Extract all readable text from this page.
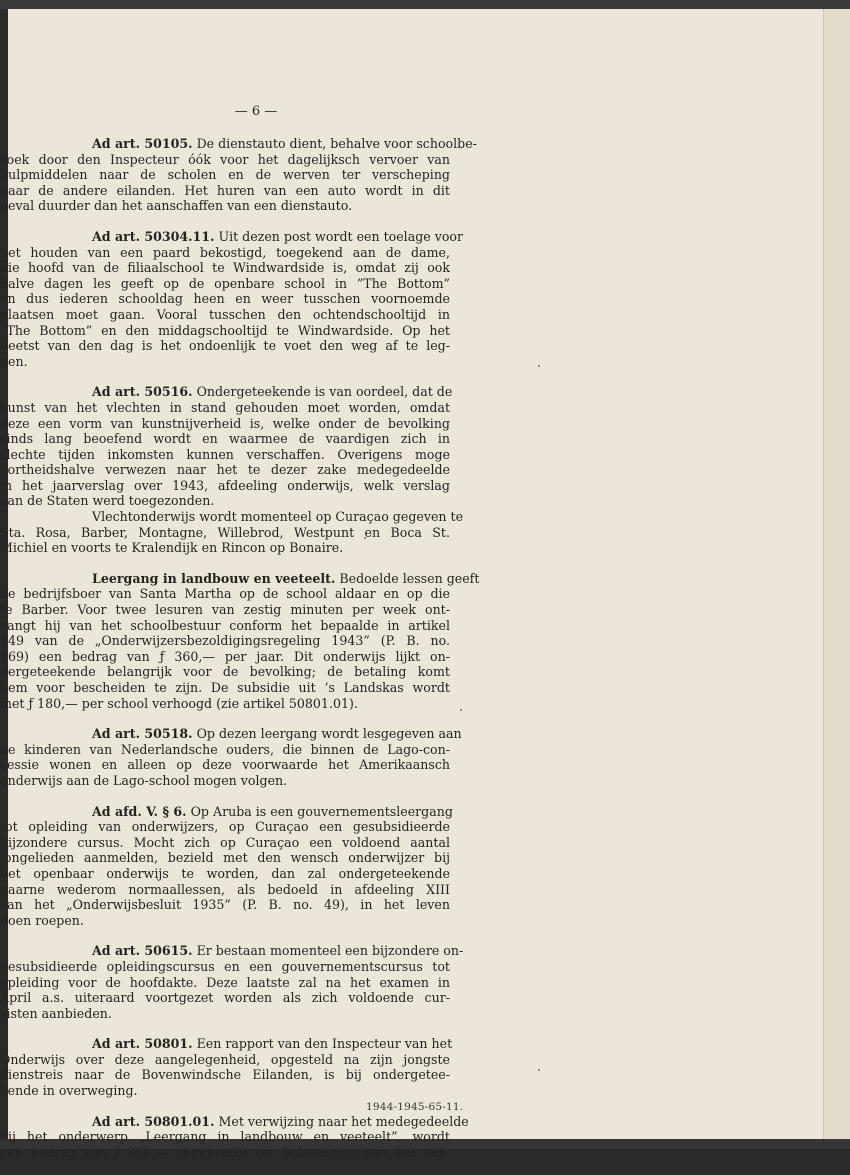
— 6 —
Ad art. 50105. De dienstauto dient, behalve voor schoolbe-
zoek door den Inspecteur óók voor het dagelijksch vervoer van
hulpmiddelen naar de scholen en de werven ter verscheping
naar de andere eilanden. Het huren van een auto wordt in dit
geval duurder dan het aanschaffen van een dienstauto.
Ad art. 50304.11. Uit dezen post wordt een toelage voor
het houden van een paard bekostigd, toegekend aan de dame,
die hoofd van de filiaalschool te Windwardside is, omdat zij ook
halve dagen les geeft op de openbare school in ”The Bottom”
en dus iederen schooldag heen en weer tusschen voornoemde
plaatsen moet gaan. Vooral tusschen den ochtendschooltijd in
”The Bottom” en den middagschooltijd te Windwardside. Op het
heetst van den dag is het ondoenlijk te voet den weg af te leg-
gen.
Ad art. 50516. Ondergeteekende is van oordeel, dat de
kunst van het vlechten in stand gehouden moet worden, omdat
deze een vorm van kunstnijverheid is, welke onder de bevolking
sinds lang beoefend wordt en waarmee de vaardigen zich in
slechte tijden inkomsten kunnen verschaffen. Overigens moge
kortheidshalve verwezen naar het te dezer zake medegedeelde
in het jaarverslag over 1943, afdeeling onderwijs, welk verslag
aan de Staten werd toegezonden.
Vlechtonderwijs wordt momenteel op Curaçao gegeven te
Sta. Rosa, Barber, Montagne, Willebrod, Westpunt en Boca St.
Michiel en voorts te Kralendijk en Rincon op Bonaire.
Leergang in landbouw en veeteelt. Bedoelde lessen geeft
de bedrijfsboer van Santa Martha op de school aldaar en op die
te Barber. Voor twee lesuren van zestig minuten per week ont-
vangt hij van het schoolbestuur conform het bepaalde in artikel
149 van de „Onderwijzersbezoldigingsregeling 1943” (P. B. no.
169) een bedrag van ƒ 360,— per jaar. Dit onderwijs lijkt on-
dergeteekende belangrijk voor de bevolking; de betaling komt
hem voor bescheiden te zijn. De subsidie uit ’s Landskas wordt
met ƒ 180,— per school verhoogd (zie artikel 50801.01).
Ad art. 50518. Op dezen leergang wordt lesgegeven aan
de kinderen van Nederlandsche ouders, die binnen de Lago-con-
cessie wonen en alleen op deze voorwaarde het Amerikaansch
onderwijs aan de Lago-school mogen volgen.
Ad afd. V. § 6. Op Aruba is een gouvernementsleergang
tot opleiding van onderwijzers, op Curaçao een gesubsidieerde
bijzondere cursus. Mocht zich op Curaçao een voldoend aantal
jongelieden aanmelden, bezield met den wensch onderwijzer bij
het openbaar onderwijs te worden, dan zal ondergeteekende
gaarne wederom normaallessen, als bedoeld in afdeeling XIII
van het „Onderwijsbesluit 1935” (P. B. no. 49), in het leven
doen roepen.
Ad art. 50615. Er bestaan momenteel een bijzondere on-
gesubsidieerde opleidingscursus en een gouvernementscursus tot
opleiding voor de hoofdakte. Deze laatste zal na het examen in
April a.s. uiteraard voortgezet worden als zich voldoende cur-
sisten aanbieden.
Ad art. 50801. Een rapport van den Inspecteur van het
Onderwijs over deze aangelegenheid, opgesteld na zijn jongste
dienstreis naar de Bovenwindsche Eilanden, is bij ondergetee-
kende in overweging.
Ad art. 50801.01. Met verwijzing naar het medegedeelde
bij het onderwerp „Leergang in landbouw en veeteelt”, wordt
een bedrag van ƒ 360,— opgebracht ter bekostiging van het vak-
1944-1945-65-11.
